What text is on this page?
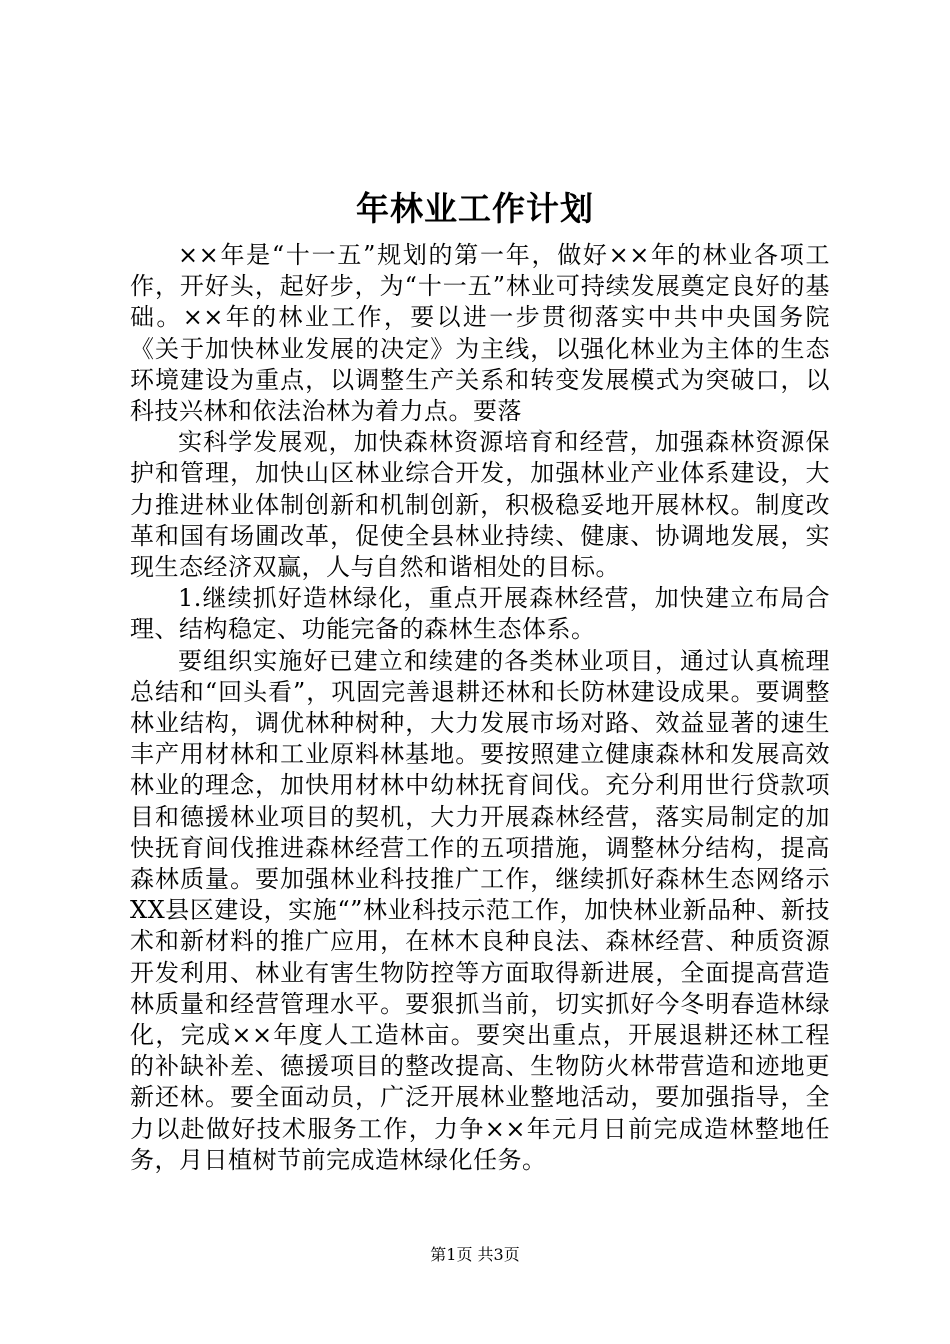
年林业工作计划

××年是“十一五”规划的第一年，做好××年的林业各项工作，开好头，起好步，为“十一五”林业可持续发展奠定良好的基础。××年的林业工作，要以进一步贯彻落实中共中央国务院《关于加快林业发展的决定》为主线，以强化林业为主体的生态环境建设为重点，以调整生产关系和转变发展模式为突破口，以科技兴林和依法治林为着力点。要落

实科学发展观，加快森林资源培育和经营，加强森林资源保护和管理，加快山区林业综合开发，加强林业产业体系建设，大力推进林业体制创新和机制创新，积极稳妥地开展林权。制度改革和国有场圃改革，促使全县林业持续、健康、协调地发展，实现生态经济双赢，人与自然和谐相处的目标。

1.继续抓好造林绿化，重点开展森林经营，加快建立布局合理、结构稳定、功能完备的森林生态体系。

要组织实施好已建立和续建的各类林业项目，通过认真梳理总结和“回头看”，巩固完善退耕还林和长防林建设成果。要调整林业结构，调优林种树种，大力发展市场对路、效益显著的速生丰产用材林和工业原料林基地。要按照建立健康森林和发展高效林业的理念，加快用材林中幼林抚育间伐。充分利用世行贷款项目和德援林业项目的契机，大力开展森林经营，落实局制定的加快抚育间伐推进森林经营工作的五项措施，调整林分结构，提高森林质量。要加强林业科技推广工作，继续抓好森林生态网络示XX县区建设，实施“”林业科技示范工作，加快林业新品种、新技术和新材料的推广应用，在林木良种良法、森林经营、种质资源开发利用、林业有害生物防控等方面取得新进展，全面提高营造林质量和经营管理水平。要狠抓当前，切实抓好今冬明春造林绿化，完成××年度人工造林亩。要突出重点，开展退耕还林工程的补缺补差、德援项目的整改提高、生物防火林带营造和迹地更新还林。要全面动员，广泛开展林业整地活动，要加强指导，全力以赴做好技术服务工作，力争××年元月日前完成造林整地任务，月日植树节前完成造林绿化任务。

第1页 共3页
